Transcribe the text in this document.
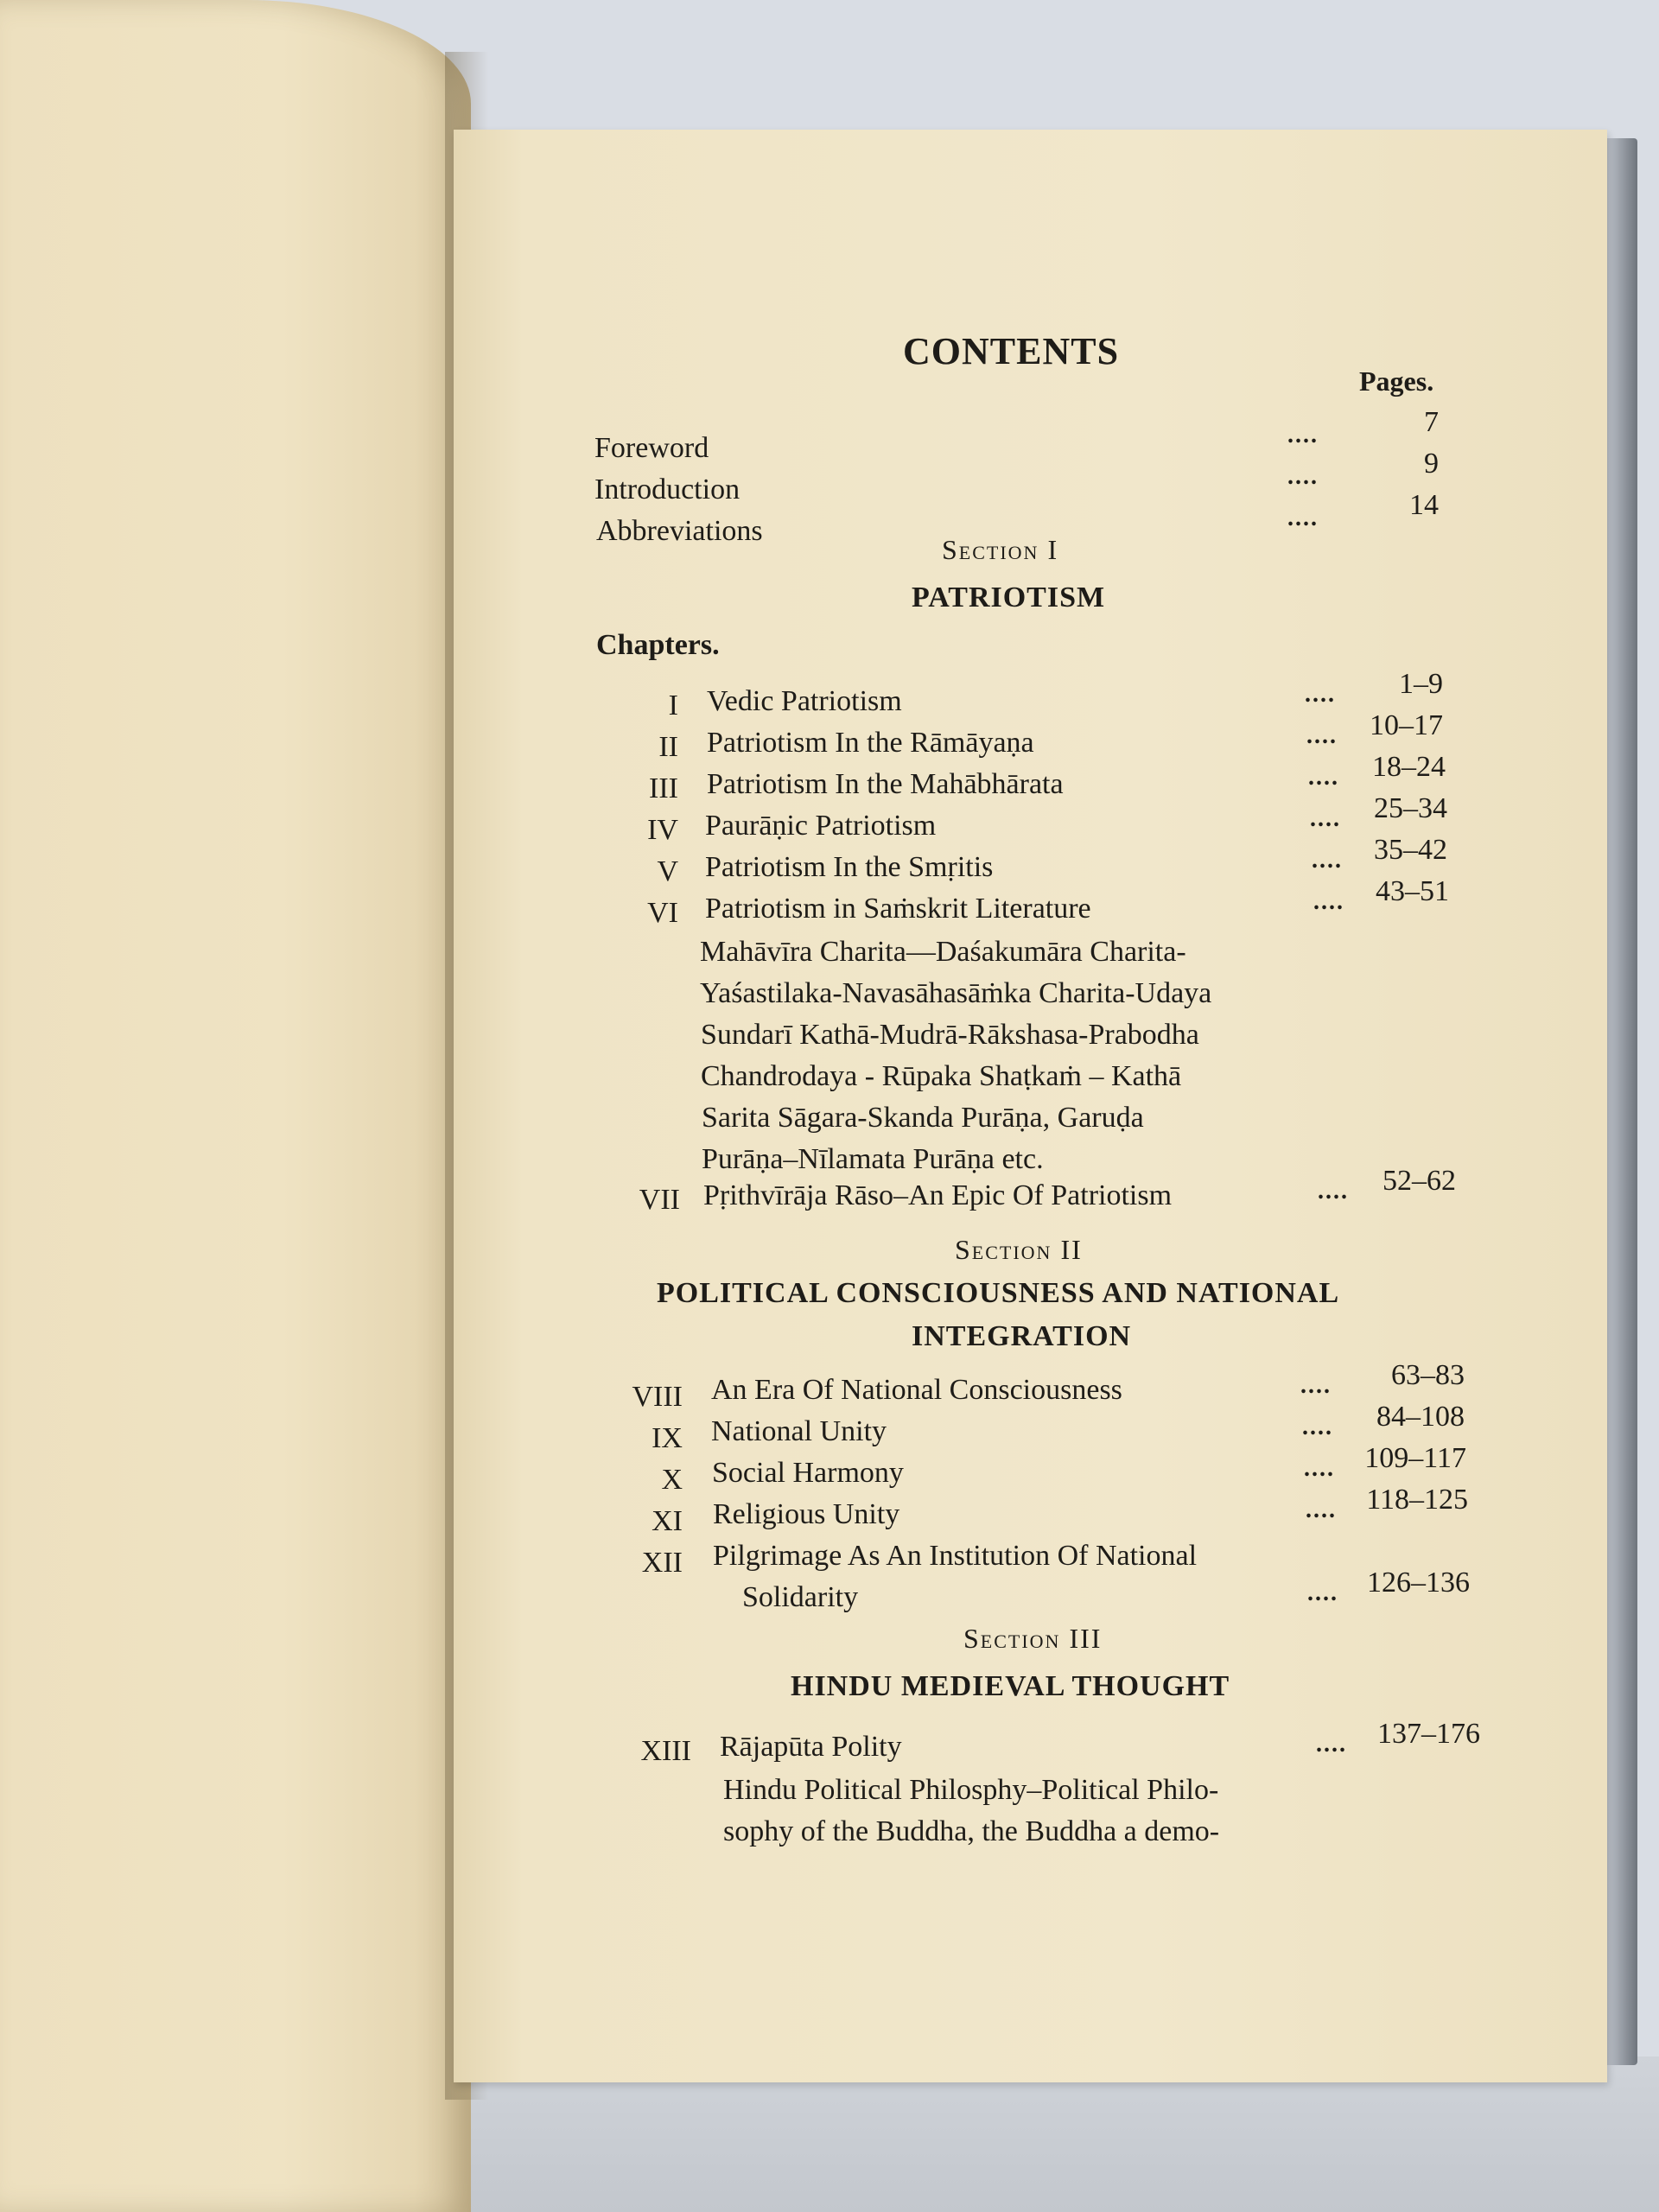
CONTENTS
Pages.
Foreword	....	7
Introduction	....	9
Abbreviations	....	14
Section I
PATRIOTISM
Chapters.
I Vedic Patriotism	....	1–9
II Patriotism In the Rāmāyaṇa	....	10–17
III Patriotism In the Mahābhārata	....	18–24
IV Paurāṇic Patriotism	....	25–34
V Patriotism In the Smṛitis	....	35–42
VI Patriotism in Saṁskrit Literature	....	43–51
Mahāvīra Charita—Daśakumāra Charita-
Yaśastilaka-Navasāhasāṁka Charita-Udaya
Sundarī Kathā-Mudrā-Rākshasa-Prabodha
Chandrodaya - Rūpaka Shaṭkaṁ – Kathā
Sarita Sāgara-Skanda Purāṇa, Garuḍa
Purāṇa–Nīlamata Purāṇa etc.
VII Pṛithvīrāja Rāso–An Epic Of Patriotism	....	52–62
Section II
POLITICAL CONSCIOUSNESS AND NATIONAL
INTEGRATION
VIII An Era Of National Consciousness	....	63–83
IX National Unity	....	84–108
X Social Harmony	....	109–117
XI Religious Unity	....	118–125
XII Pilgrimage As An Institution Of National
Solidarity	.... 126–136
Section III
HINDU MEDIEVAL THOUGHT
XIII Rājapūta Polity	....	137–176
Hindu Political Philosphy–Political Philo-
sophy of the Buddha, the Buddha a demo-
